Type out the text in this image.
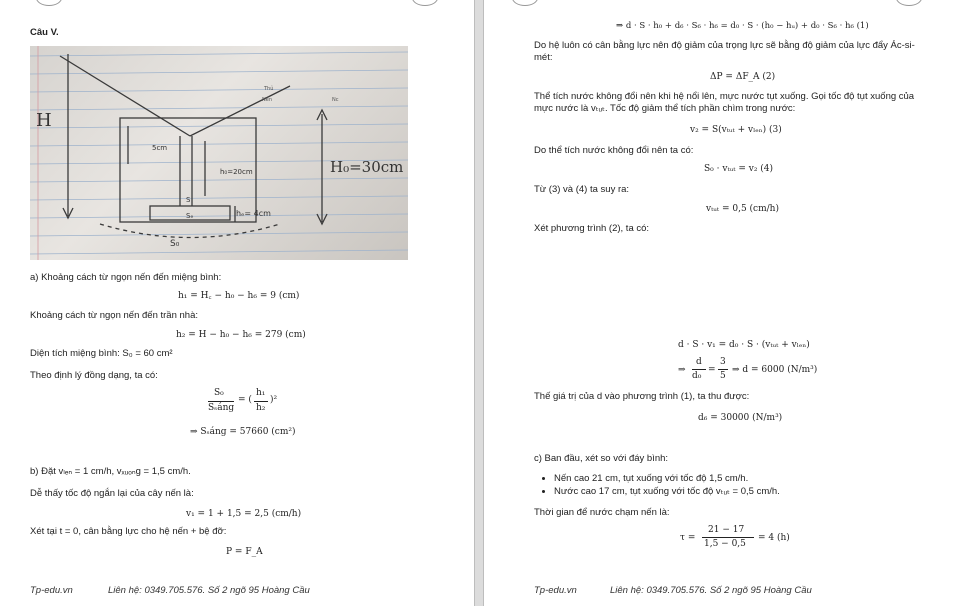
Câu V.
H
5cm
h₀=20cm	H₀=30cm
hₑ= 4cm
S
Sₑ
S₀
Thủ
Nến	Nc
a) Khoảng cách từ ngọn nến đến miệng bình:
h₁ = H꜀ − h₀ − h₆ = 9 (cm)
Khoảng cách từ ngọn nến đến trần nhà:
h₂ = H − h₀ − h₆ = 279 (cm)
Diện tích miệng bình: S₀ = 60 cm²
Theo định lý đồng dạng, ta có:
S₀
Sₛáng
= (
h₁
h₂
)²
⇒ Sₛáng = 57660 (cm²)
b) Đặt vₗₑₙ = 1 cm/h, vₓᵤₒₙg = 1,5 cm/h.
Dễ thấy tốc độ ngắn lại của cây nến là:
v₁ = 1 + 1,5 = 2,5 (cm/h)
Xét tại t = 0, cân bằng lực cho hệ nến + bệ đỡ:
P = F_A
Tp-edu.vn	Liên hệ: 0349.705.576. Số 2 ngõ 95 Hoàng Cầu
⇒ d · S · h₀ + d₆ · S₆ · h₆ = d₀ · S · (h₀ − hᵤ) + d₀ · S₆ · h₆ (1)
Do hệ luôn có cân bằng lực nên độ giảm của trọng lực sẽ bằng độ giảm của lực đẩy Ác-si-
mét:
ΔP = ΔF_A (2)
Thể tích nước không đổi nên khi hệ nổi lên, mực nước tụt xuống. Gọi tốc độ tụt xuống của
mực nước là vₜᵤₜ. Tốc độ giảm thể tích phần chìm trong nước:
v₂ = S(vₜᵤₜ + vₗₑₙ) (3)
Do thể tích nước không đổi nên ta có:
S₀ · vₜᵤₜ = v₂ (4)
Từ (3) và (4) ta suy ra:
vₜᵤₜ = 0,5 (cm/h)
Xét phương trình (2), ta có:
d · S · v₁ = d₀ · S · (vₜᵤₜ + vₗₑₙ)
⇒
d
d₀
=
3
5
⇒ d = 6000 (N/m³)
Thế giá trị của d vào phương trình (1), ta thu được:
d₆ = 30000 (N/m³)
c) Ban đầu, xét so với đáy bình:
• Nến cao 21 cm, tụt xuống với tốc độ 1,5 cm/h.
• Nước cao 17 cm, tụt xuống với tốc độ vₜᵤₜ = 0,5 cm/h.
Thời gian để nước chạm nến là:
τ =
21 − 17
1,5 − 0,5
= 4 (h)
Tp-edu.vn	Liên hệ: 0349.705.576. Số 2 ngõ 95 Hoàng Cầu
